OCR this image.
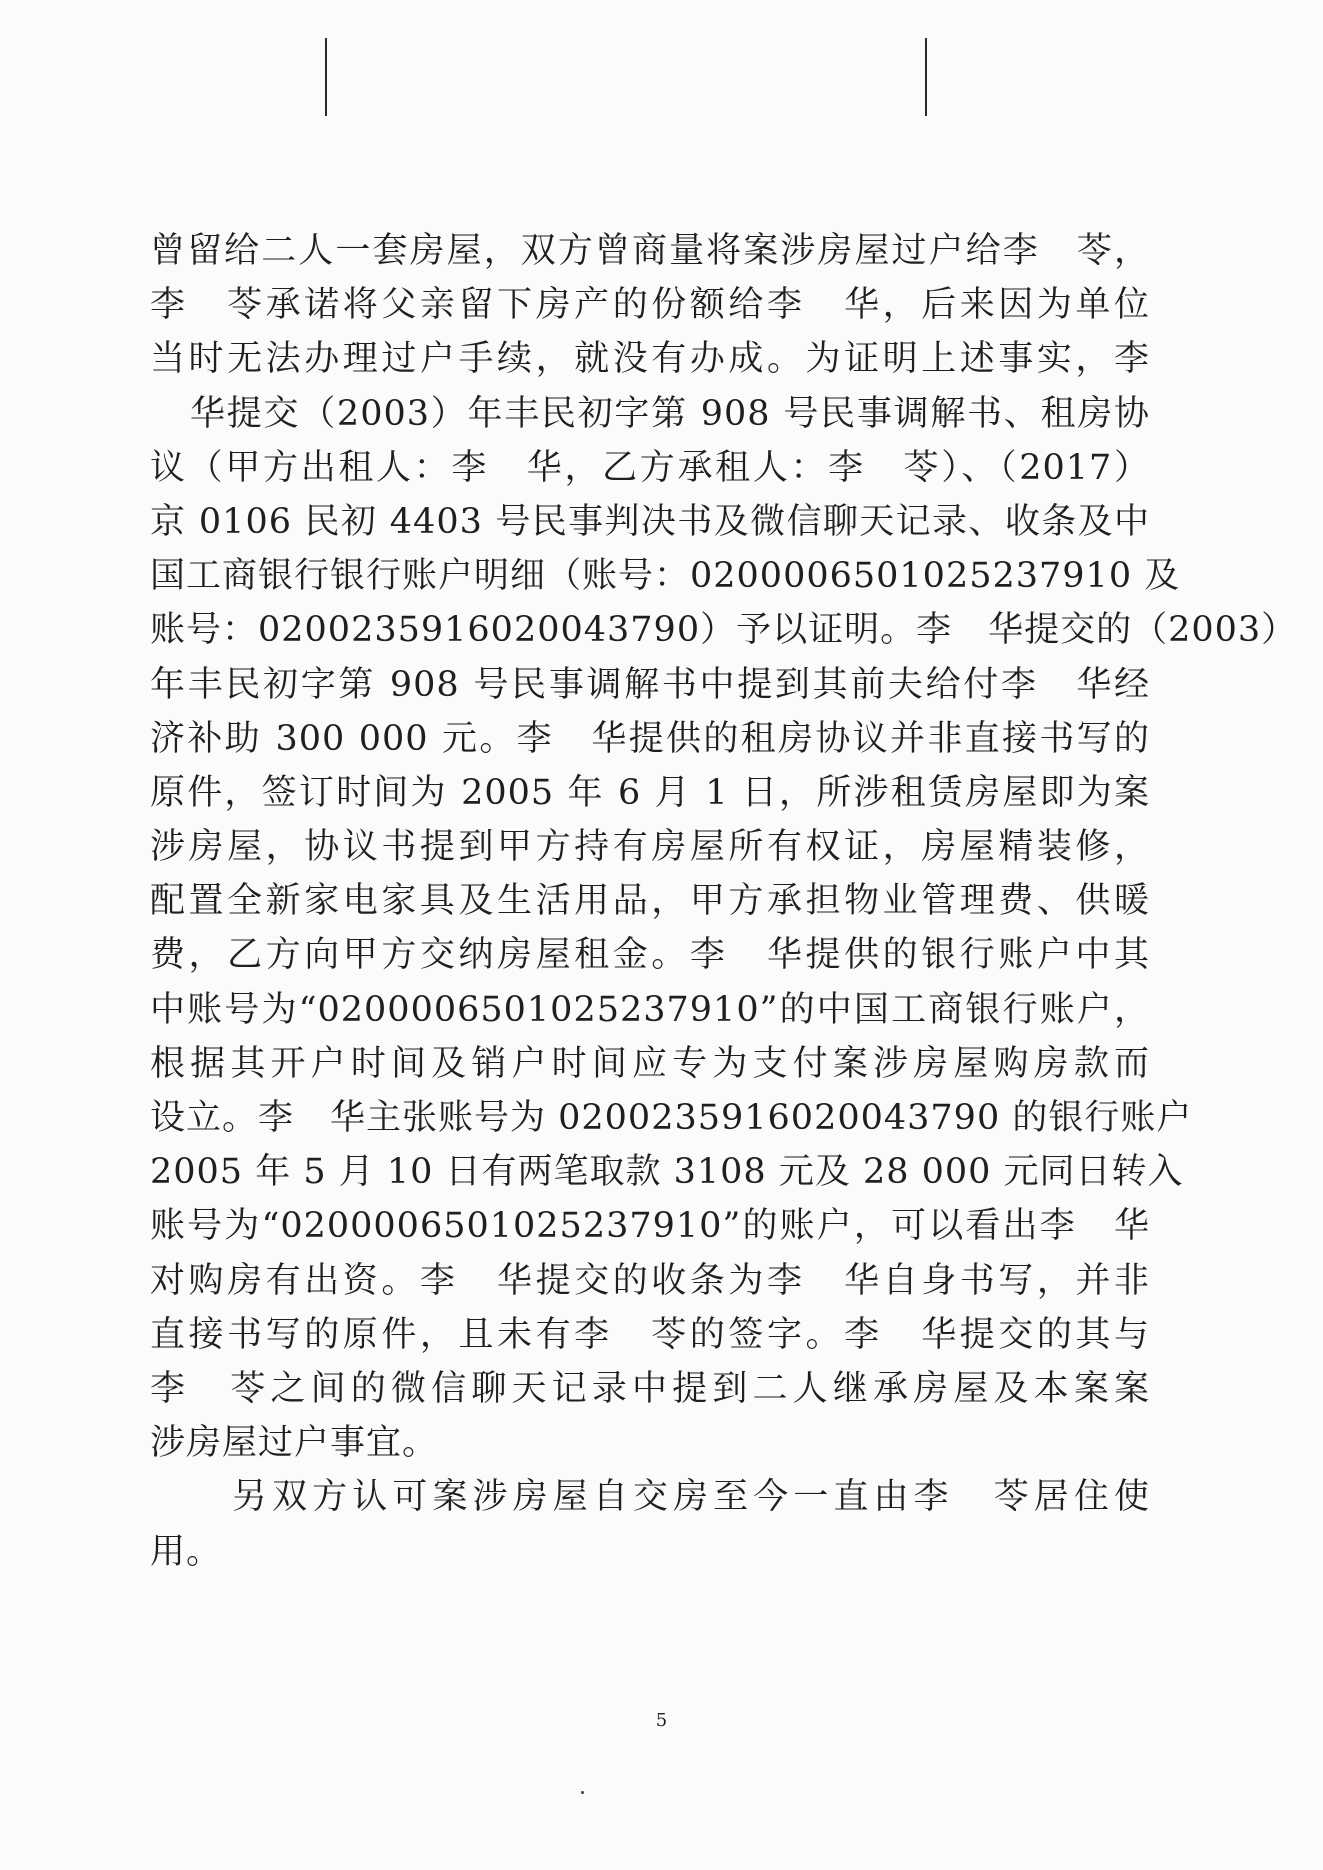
曾留给二人一套房屋，双方曾商量将案涉房屋过户给李　苓，
李　苓承诺将父亲留下房产的份额给李　华，后来因为单位
当时无法办理过户手续，就没有办成。为证明上述事实，李
华提交（2003）年丰民初字第 908 号民事调解书、租房协
议（甲方出租人：李　华，乙方承租人：李　苓）、（2017）
京 0106 民初 4403 号民事判决书及微信聊天记录、收条及中
国工商银行银行账户明细（账号：0200006501025237910 及
账号：0200235916020043790）予以证明。李　华提交的（2003）
年丰民初字第 908 号民事调解书中提到其前夫给付李　华经
济补助 300 000 元。李　华提供的租房协议并非直接书写的
原件，签订时间为 2005 年 6 月 1 日，所涉租赁房屋即为案
涉房屋，协议书提到甲方持有房屋所有权证，房屋精装修，
配置全新家电家具及生活用品，甲方承担物业管理费、供暖
费，乙方向甲方交纳房屋租金。李　华提供的银行账户中其
中账号为“0200006501025237910”的中国工商银行账户，
根据其开户时间及销户时间应专为支付案涉房屋购房款而
设立。李　华主张账号为 0200235916020043790 的银行账户
2005 年 5 月 10 日有两笔取款 3108 元及 28 000 元同日转入
账号为“0200006501025237910”的账户，可以看出李　华
对购房有出资。李　华提交的收条为李　华自身书写，并非
直接书写的原件，且未有李　苓的签字。李　华提交的其与
李　苓之间的微信聊天记录中提到二人继承房屋及本案案
涉房屋过户事宜。
另双方认可案涉房屋自交房至今一直由李　苓居住使
用。
5
